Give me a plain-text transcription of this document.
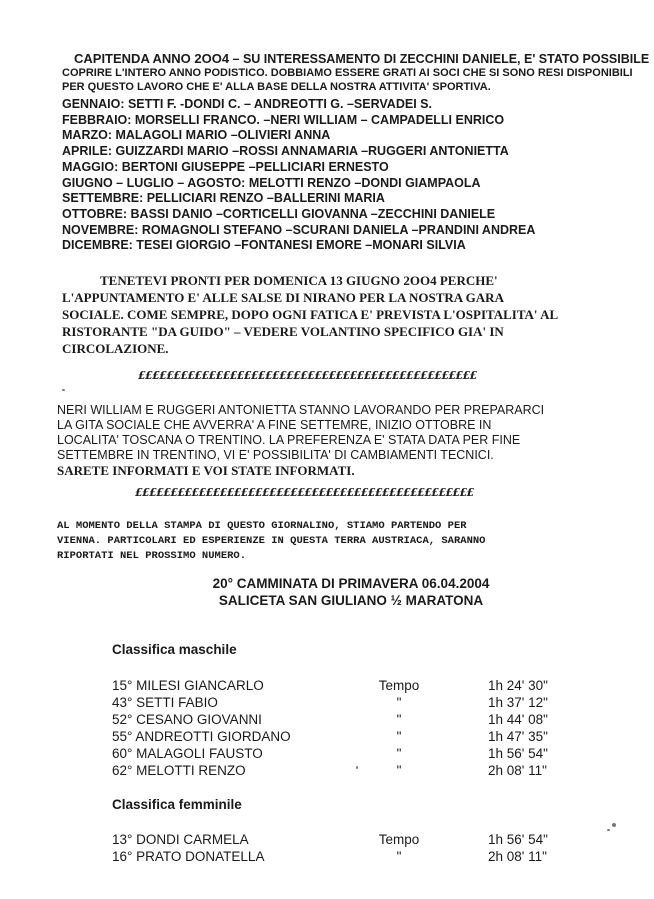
CAPITENDA ANNO 2OO4 – SU INTERESSAMENTO DI ZECCHINI DANIELE, E' STATO POSSIBILE
COPRIRE L'INTERO ANNO PODISTICO. DOBBIAMO ESSERE GRATI AI SOCI CHE SI SONO RESI DISPONIBILI
PER QUESTO LAVORO CHE E' ALLA BASE DELLA NOSTRA ATTIVITA' SPORTIVA.
GENNAIO: SETTI F. -DONDI C. – ANDREOTTI G. –SERVADEI S.
FEBBRAIO: MORSELLI FRANCO. –NERI WILLIAM – CAMPADELLI ENRICO
MARZO: MALAGOLI MARIO –OLIVIERI ANNA
APRILE: GUIZZARDI MARIO –ROSSI ANNAMARIA –RUGGERI ANTONIETTA
MAGGIO: BERTONI GIUSEPPE –PELLICIARI ERNESTO
GIUGNO – LUGLIO – AGOSTO: MELOTTI RENZO –DONDI GIAMPAOLA
SETTEMBRE: PELLICIARI RENZO –BALLERINI MARIA
OTTOBRE: BASSI DANIO –CORTICELLI GIOVANNA –ZECCHINI DANIELE
NOVEMBRE: ROMAGNOLI STEFANO –SCURANI DANIELA –PRANDINI ANDREA
DICEMBRE: TESEI GIORGIO –FONTANESI EMORE –MONARI SILVIA
TENETEVI PRONTI PER DOMENICA 13 GIUGNO 2OO4 PERCHE'
L'APPUNTAMENTO E' ALLE SALSE DI NIRANO PER LA NOSTRA GARA
SOCIALE. COME SEMPRE, DOPO OGNI FATICA E' PREVISTA L'OSPITALITA' AL
RISTORANTE "DA GUIDO" – VEDERE VOLANTINO SPECIFICO GIA' IN
CIRCOLAZIONE.
££££££££££££££££££££££££££££££££££££££££££££££££
NERI WILLIAM E RUGGERI ANTONIETTA STANNO LAVORANDO PER PREPARARCI
LA GITA SOCIALE CHE AVVERRA' A FINE SETTEMRE, INIZIO OTTOBRE IN
LOCALITA' TOSCANA O TRENTINO. LA PREFERENZA E' STATA DATA PER FINE
SETTEMBRE IN TRENTINO, VI E' POSSIBILITA' DI CAMBIAMENTI TECNICI.
SARETE INFORMATI E VOI STATE INFORMATI.
££££££££££££££££££££££££££££££££££££££££££££££££
AL MOMENTO DELLA STAMPA DI QUESTO GIORNALINO, STIAMO PARTENDO PER
VIENNA. PARTICOLARI ED ESPERIENZE IN QUESTA TERRA AUSTRIACA, SARANNO
RIPORTATI NEL PROSSIMO NUMERO.
20° CAMMINATA DI PRIMAVERA 06.04.2004
SALICETA SAN GIULIANO ½ MARATONA
Classifica maschile
15° MILESI GIANCARLO	Tempo	1h 24' 30"
43° SETTI FABIO	"	1h 37' 12"
52° CESANO GIOVANNI	"	1h 44' 08"
55° ANDREOTTI GIORDANO	"	1h 47' 35"
60° MALAGOLI FAUSTO	"	1h 56' 54"
62° MELOTTI RENZO	"	2h 08' 11"
Classifica femminile
13° DONDI CARMELA	Tempo	1h 56' 54"
16° PRATO DONATELLA	"	2h 08' 11"
